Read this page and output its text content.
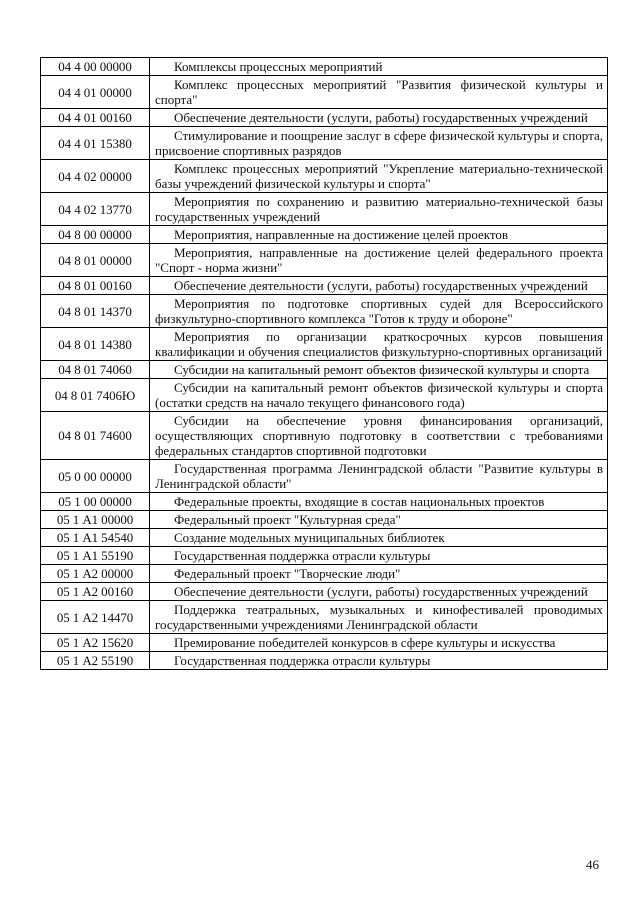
04 4 00 00000	Комплексы процессных мероприятий

04 4 01 00000	Комплекс процессных мероприятий "Развития физической культуры и спорта"

04 4 01 00160	Обеспечение деятельности (услуги, работы) государственных учреждений

04 4 01 15380	Стимулирование и поощрение заслуг в сфере физической культуры и спорта, присвоение спортивных разрядов

04 4 02 00000	Комплекс процессных мероприятий "Укрепление материально-технической базы учреждений физической культуры и спорта"

04 4 02 13770	Мероприятия по сохранению и развитию материально-технической базы государственных учреждений

04 8 00 00000	Мероприятия, направленные на достижение целей проектов

04 8 01 00000	Мероприятия, направленные на достижение целей федерального проекта "Спорт - норма жизни"

04 8 01 00160	Обеспечение деятельности (услуги, работы) государственных учреждений

04 8 01 14370	Мероприятия по подготовке спортивных судей для Всероссийского физкультурно-спортивного комплекса "Готов к труду и обороне"

04 8 01 14380	Мероприятия по организации краткосрочных курсов повышения квалификации и обучения специалистов физкультурно-спортивных организаций

04 8 01 74060	Субсидии на капитальный ремонт объектов физической культуры и спорта

04 8 01 7406Ю	Субсидии на капитальный ремонт объектов физической культуры и спорта (остатки средств на начало текущего финансового года)

04 8 01 74600	Субсидии на обеспечение уровня финансирования организаций, осуществляющих спортивную подготовку в соответствии с требованиями федеральных стандартов спортивной подготовки

05 0 00 00000	Государственная программа Ленинградской области "Развитие культуры в Ленинградской области"

05 1 00 00000	Федеральные проекты, входящие в состав национальных проектов

05 1 А1 00000	Федеральный проект "Культурная среда"

05 1 А1 54540	Создание модельных муниципальных библиотек

05 1 А1 55190	Государственная поддержка отрасли культуры

05 1 А2 00000	Федеральный проект "Творческие люди"

05 1 А2 00160	Обеспечение деятельности (услуги, работы) государственных учреждений

05 1 А2 14470	Поддержка театральных, музыкальных и кинофестивалей проводимых государственными учреждениями Ленинградской области

05 1 А2 15620	Премирование победителей конкурсов в сфере культуры и искусства

05 1 А2 55190	Государственная поддержка отрасли культуры
46
